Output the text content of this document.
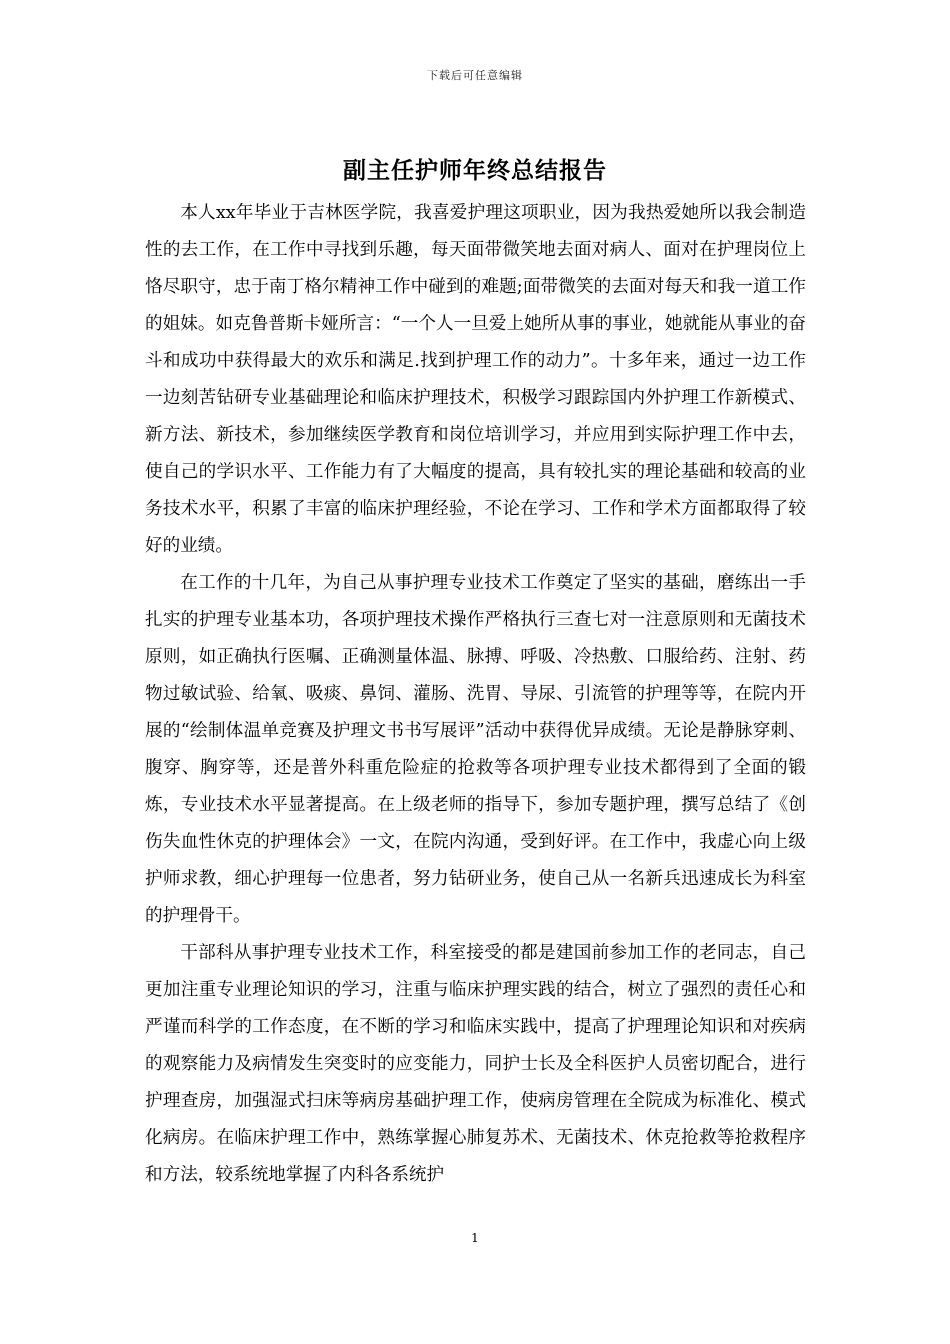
下载后可任意编辑
副主任护师年终总结报告

本人xx年毕业于吉林医学院，我喜爱护理这项职业，因为我热爱她所以我会制造性的去工作，在工作中寻找到乐趣，每天面带微笑地去面对病人、面对在护理岗位上恪尽职守，忠于南丁格尔精神工作中碰到的难题;面带微笑的去面对每天和我一道工作的姐妹。如克鲁普斯卡娅所言：“一个人一旦爱上她所从事的事业，她就能从事业的奋斗和成功中获得最大的欢乐和满足.找到护理工作的动力”。十多年来，通过一边工作一边刻苦钻研专业基础理论和临床护理技术，积极学习跟踪国内外护理工作新模式、新方法、新技术，参加继续医学教育和岗位培训学习，并应用到实际护理工作中去，使自己的学识水平、工作能力有了大幅度的提高，具有较扎实的理论基础和较高的业务技术水平，积累了丰富的临床护理经验，不论在学习、工作和学术方面都取得了较好的业绩。

在工作的十几年，为自己从事护理专业技术工作奠定了坚实的基础，磨练出一手扎实的护理专业基本功，各项护理技术操作严格执行三查七对一注意原则和无菌技术原则，如正确执行医嘱、正确测量体温、脉搏、呼吸、冷热敷、口服给药、注射、药物过敏试验、给氧、吸痰、鼻饲、灌肠、洗胃、导尿、引流管的护理等等，在院内开展的“绘制体温单竞赛及护理文书书写展评”活动中获得优异成绩。无论是静脉穿刺、腹穿、胸穿等，还是普外科重危险症的抢救等各项护理专业技术都得到了全面的锻炼，专业技术水平显著提高。在上级老师的指导下，参加专题护理，撰写总结了《创伤失血性休克的护理体会》一文，在院内沟通，受到好评。在工作中，我虚心向上级护师求教，细心护理每一位患者，努力钻研业务，使自己从一名新兵迅速成长为科室的护理骨干。

干部科从事护理专业技术工作，科室接受的都是建国前参加工作的老同志，自己更加注重专业理论知识的学习，注重与临床护理实践的结合，树立了强烈的责任心和严谨而科学的工作态度，在不断的学习和临床实践中，提高了护理理论知识和对疾病的观察能力及病情发生突变时的应变能力，同护士长及全科医护人员密切配合，进行护理查房，加强湿式扫床等病房基础护理工作，使病房管理在全院成为标准化、模式化病房。在临床护理工作中，熟练掌握心肺复苏术、无菌技术、休克抢救等抢救程序和方法，较系统地掌握了内科各系统护

1
